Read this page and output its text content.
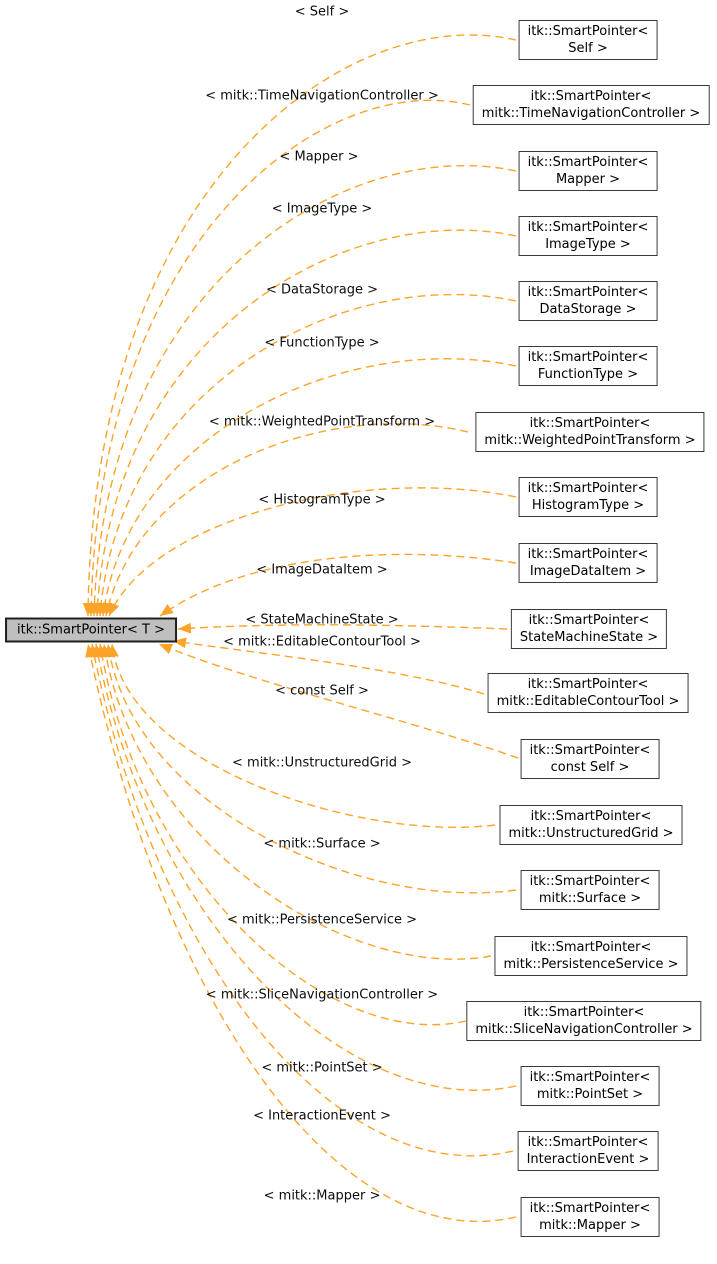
itk::SmartPointer< T >
itk::SmartPointer<
Self >
itk::SmartPointer<
mitk::TimeNavigationController >
itk::SmartPointer<
Mapper >
itk::SmartPointer<
ImageType >
itk::SmartPointer<
DataStorage >
itk::SmartPointer<
FunctionType >
itk::SmartPointer<
mitk::WeightedPointTransform >
itk::SmartPointer<
HistogramType >
itk::SmartPointer<
ImageDataItem >
itk::SmartPointer<
StateMachineState >
itk::SmartPointer<
mitk::EditableContourTool >
itk::SmartPointer<
const Self >
itk::SmartPointer<
mitk::UnstructuredGrid >
itk::SmartPointer<
mitk::Surface >
itk::SmartPointer<
mitk::PersistenceService >
itk::SmartPointer<
mitk::SliceNavigationController >
itk::SmartPointer<
mitk::PointSet >
itk::SmartPointer<
InteractionEvent >
itk::SmartPointer<
mitk::Mapper >
< Self >
< mitk::TimeNavigationController >
< Mapper >
< ImageType >
< DataStorage >
< FunctionType >
< mitk::WeightedPointTransform >
< HistogramType >
< ImageDataItem >
< StateMachineState >
< mitk::EditableContourTool >
< const Self >
< mitk::UnstructuredGrid >
< mitk::Surface >
< mitk::PersistenceService >
< mitk::SliceNavigationController >
< mitk::PointSet >
< InteractionEvent >
< mitk::Mapper >
